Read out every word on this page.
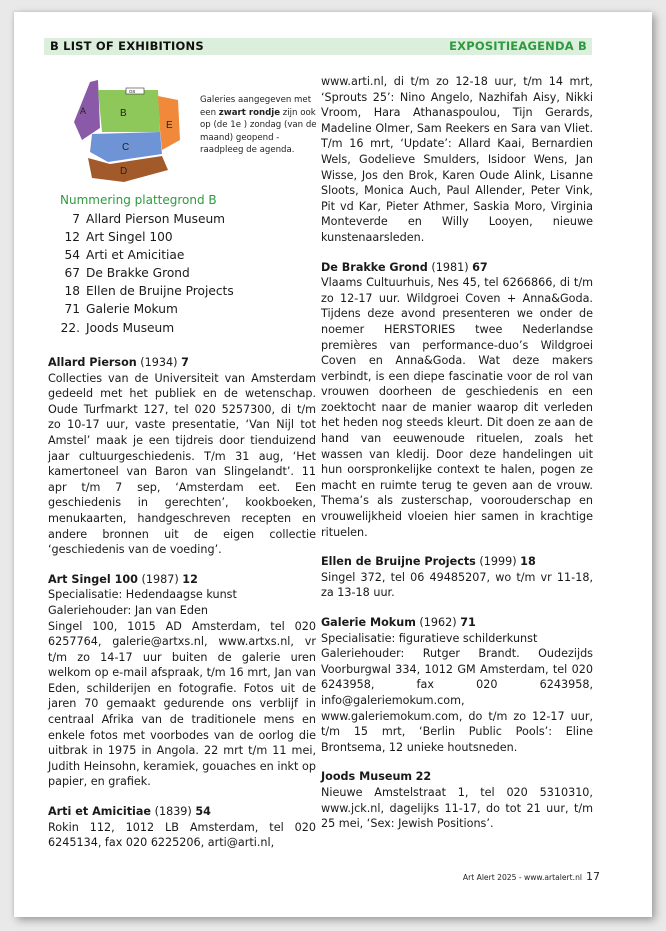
B LIST OF EXHIBITIONS	EXPOSITIEAGENDA B
A	B
C
D
E
G8
Galeries aangegeven met een zwart rondje zijn ook op (de 1e ) zondag (van de maand) geopend - raadpleeg de agenda.
Nummering plattegrond B
7 Allard Pierson Museum
12 Art Singel 100
54 Arti et Amicitiae
67 De Brakke Grond
18 Ellen de Bruijne Projects
71 Galerie Mokum
22. Joods Museum

Allard Pierson (1934) 7

Collecties van de Universiteit van Amsterdam gedeeld met het publiek en de wetenschap. Oude Turfmarkt 127, tel 020 5257300, di t/m zo 10-17 uur, vaste presentatie, ‘Van Nijl tot Amstel’ maak je een tijdreis door tienduizend jaar cultuurgeschiedenis. T/m 31 aug, ‘Het kamertoneel van Baron van Slingelandt’. 11 apr t/m 7 sep, ‘Amsterdam eet. Een geschiedenis in gerechten’, kookboeken, menukaarten, handgeschreven recepten en andere bronnen uit de eigen collectie ‘geschiedenis van de voeding’.

Art Singel 100 (1987) 12

Specialisatie: Hedendaagse kunst
Galeriehouder: Jan van Eden
Singel 100, 1015 AD Amsterdam, tel 020 6257764, galerie@artxs.nl, www.artxs.nl, vr t/m zo 14-17 uur buiten de galerie uren welkom op e-mail afspraak, t/m 16 mrt, Jan van Eden, schilderijen en fotografie. Fotos uit de jaren 70 gemaakt gedurende ons verblijf in centraal Afrika van de traditionele mens en enkele fotos met voorbodes van de oorlog die uitbrak in 1975 in Angola. 22 mrt t/m 11 mei, Judith Heinsohn, keramiek, gouaches en inkt op papier, en grafiek.

Arti et Amicitiae (1839) 54

Rokin 112, 1012 LB Amsterdam, tel 020 6245134, fax 020 6225206, arti@arti.nl,

www.arti.nl, di t/m zo 12-18 uur, t/m 14 mrt, ‘Sprouts 25’: Nino Angelo, Nazhifah Aisy, Nikki Vroom, Hara Athanaspoulou, Tijn Gerards, Madeline Olmer, Sam Reekers en Sara van Vliet. T/m 16 mrt, ‘Update’: Allard Kaai, Bernardien Wels, Godelieve Smulders, Isidoor Wens, Jan Wisse, Jos den Brok, Karen Oude Alink, Lisanne Sloots, Monica Auch, Paul Allender, Peter Vink, Pit vd Kar, Pieter Athmer, Saskia Moro, Virginia Monteverde en Willy Looyen, nieuwe kunstenaarsleden.

De Brakke Grond (1981) 67

Vlaams Cultuurhuis, Nes 45, tel 6266866, di t/m zo 12-17 uur. Wildgroei Coven + Anna&Goda. Tijdens deze avond presenteren we onder de noemer HERSTORIES twee Nederlandse premières van performance-duo’s Wildgroei Coven en Anna&Goda. Wat deze makers verbindt, is een diepe fascinatie voor de rol van vrouwen doorheen de geschiedenis en een zoektocht naar de manier waarop dit verleden het heden nog steeds kleurt. Dit doen ze aan de hand van eeuwenoude rituelen, zoals het wassen van kledij. Door deze handelingen uit hun oorspronkelijke context te halen, pogen ze macht en ruimte terug te geven aan de vrouw. Thema’s als zusterschap, voorouderschap en vrouwelijkheid vloeien hier samen in krachtige rituelen.

Ellen de Bruijne Projects (1999) 18

Singel 372, tel 06 49485207, wo t/m vr 11-18, za 13-18 uur.

Galerie Mokum (1962) 71

Specialisatie: figuratieve schilderkunst
Galeriehouder: Rutger Brandt. Oudezijds Voorburgwal 334, 1012 GM Amsterdam, tel 020 6243958, fax 020 6243958, info@galeriemokum.com, www.galeriemokum.com, do t/m zo 12-17 uur, t/m 15 mrt, ‘Berlin Public Pools’: Eline Brontsema, 12 unieke houtsneden.

Joods Museum 22

Nieuwe Amstelstraat 1, tel 020 5310310, www.jck.nl, dagelijks 11-17, do tot 21 uur, t/m 25 mei, ‘Sex: Jewish Positions’.

Art Alert 2025 - www.artalert.nl 17
